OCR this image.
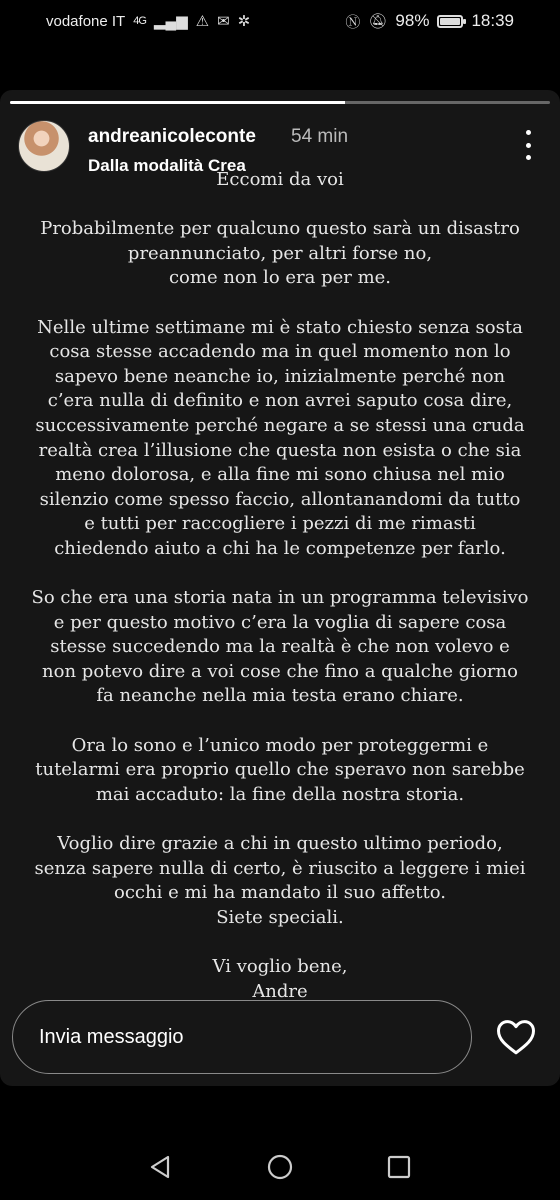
vodafone IT 4G ▂▄▆ ⚠ ✉ ✲	Ⓝ 🔕︎ 98% 18:39
andreanicoleconte 54 min
Dalla modalità Crea
Eccomi da voi

Probabilmente per qualcuno questo sarà un disastro
preannunciato, per altri forse no,
come non lo era per me.

Nelle ultime settimane mi è stato chiesto senza sosta
cosa stesse accadendo ma in quel momento non lo
sapevo bene neanche io, inizialmente perché non
c’era nulla di definito e non avrei saputo cosa dire,
successivamente perché negare a se stessi una cruda
realtà crea l’illusione che questa non esista o che sia
meno dolorosa, e alla fine mi sono chiusa nel mio
silenzio come spesso faccio, allontanandomi da tutto
e tutti per raccogliere i pezzi di me rimasti
chiedendo aiuto a chi ha le competenze per farlo.

So che era una storia nata in un programma televisivo
e per questo motivo c’era la voglia di sapere cosa
stesse succedendo ma la realtà è che non volevo e
non potevo dire a voi cose che fino a qualche giorno
fa neanche nella mia testa erano chiare.

Ora lo sono e l’unico modo per proteggermi e
tutelarmi era proprio quello che speravo non sarebbe
mai accaduto: la fine della nostra storia.

Voglio dire grazie a chi in questo ultimo periodo,
senza sapere nulla di certo, è riuscito a leggere i miei
occhi e mi ha mandato il suo affetto.
Siete speciali.

Vi voglio bene,
Andre
Invia messaggio
